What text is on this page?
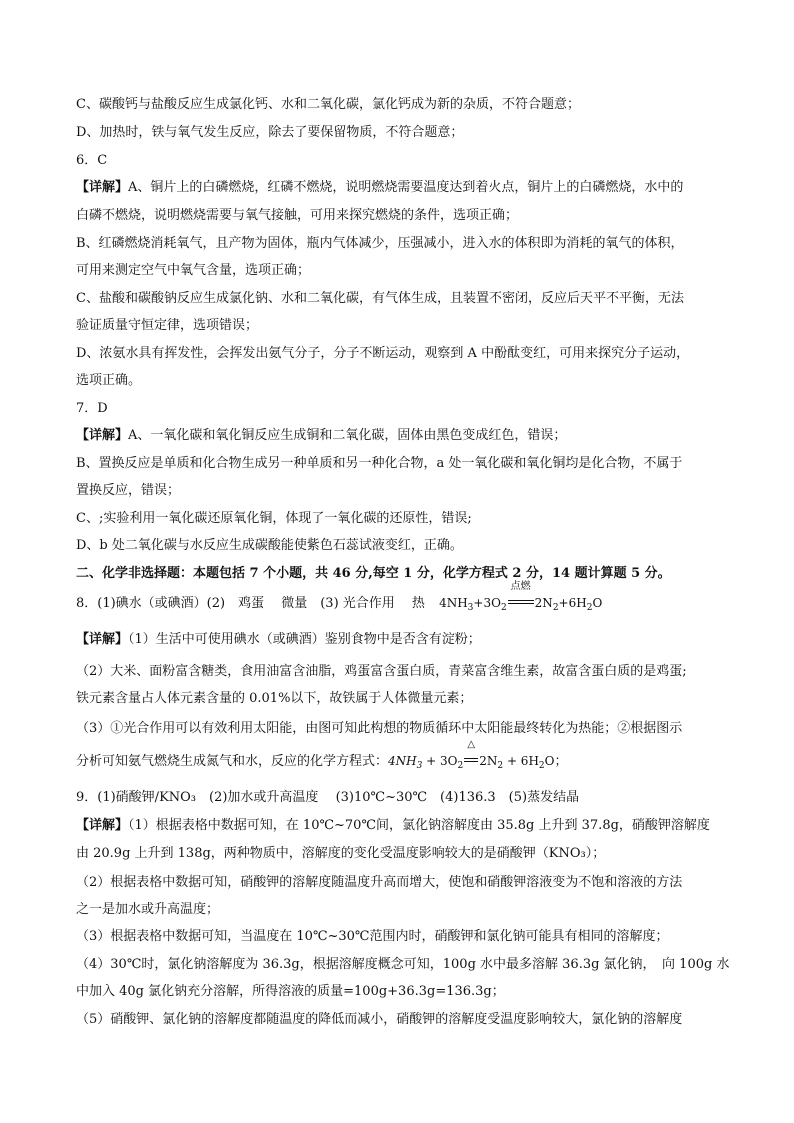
C、碳酸钙与盐酸反应生成氯化钙、水和二氧化碳，氯化钙成为新的杂质，不符合题意；
D、加热时，铁与氧气发生反应，除去了要保留物质，不符合题意；
6．C
【详解】A、铜片上的白磷燃烧，红磷不燃烧，说明燃烧需要温度达到着火点，铜片上的白磷燃烧，水中的
白磷不燃烧，说明燃烧需要与氧气接触，可用来探究燃烧的条件，选项正确；
B、红磷燃烧消耗氧气，且产物为固体，瓶内气体减少，压强减小，进入水的体积即为消耗的氧气的体积，
可用来测定空气中氧气含量，选项正确；
C、盐酸和碳酸钠反应生成氯化钠、水和二氧化碳，有气体生成，且装置不密闭，反应后天平不平衡，无法
验证质量守恒定律，选项错误；
D、浓氨水具有挥发性，会挥发出氨气分子，分子不断运动，观察到 A 中酚酞变红，可用来探究分子运动，
选项正确。
7．D
【详解】A、一氧化碳和氧化铜反应生成铜和二氧化碳，固体由黑色变成红色，错误；
B、置换反应是单质和化合物生成另一种单质和另一种化合物，a 处一氧化碳和氧化铜均是化合物，不属于
置换反应，错误；
C、;实验利用一氧化碳还原氧化铜，体现了一氧化碳的还原性，错误;
D、b 处二氧化碳与水反应生成碳酸能使紫色石蕊试液变红，正确。
二、化学非选择题：本题包括 7 个小题，共 46 分,每空 1 分，化学方程式 2 分，14 题计算题 5 分。
8．(1)碘水（或碘酒）(2)　鸡蛋　 微量　(3) 光合作用　 热 $4NH_3+3O_2$
点燃
$2N_2+6H_2O$
【详解】（1）生活中可使用碘水（或碘酒）鉴别食物中是否含有淀粉；
（2）大米、面粉富含糖类，食用油富含油脂，鸡蛋富含蛋白质，青菜富含维生素，故富含蛋白质的是鸡蛋;
铁元素含量占人体元素含量的 0.01%以下，故铁属于人体微量元素；
（3）①光合作用可以有效利用太阳能，由图可知此构想的物质循环中太阳能最终转化为热能；②根据图示
分析可知氨气燃烧生成氮气和水，反应的化学方程式：$4NH_3 + 3O_2$
△
$2N_2 + 6H_2O$；
9．(1)硝酸钾/KNO₃　(2)加水或升高温度　 (3)10℃~30℃　(4)136.3　(5)蒸发结晶
【详解】（1）根据表格中数据可知，在 10℃~70℃间，氯化钠溶解度由 35.8g 上升到 37.8g，硝酸钾溶解度
由 20.9g 上升到 138g，两种物质中，溶解度的变化受温度影响较大的是硝酸钾（KNO₃）；
（2）根据表格中数据可知，硝酸钾的溶解度随温度升高而增大，使饱和硝酸钾溶液变为不饱和溶液的方法
之一是加水或升高温度；
（3）根据表格中数据可知，当温度在 10℃~30℃范围内时，硝酸钾和氯化钠可能具有相同的溶解度；
（4）30℃时，氯化钠溶解度为 36.3g，根据溶解度概念可知，100g 水中最多溶解 36.3g 氯化钠，　向 100g 水
中加入 40g 氯化钠充分溶解，所得溶液的质量=100g+36.3g=136.3g；
（5）硝酸钾、氯化钠的溶解度都随温度的降低而减小，硝酸钾的溶解度受温度影响较大，氯化钠的溶解度
